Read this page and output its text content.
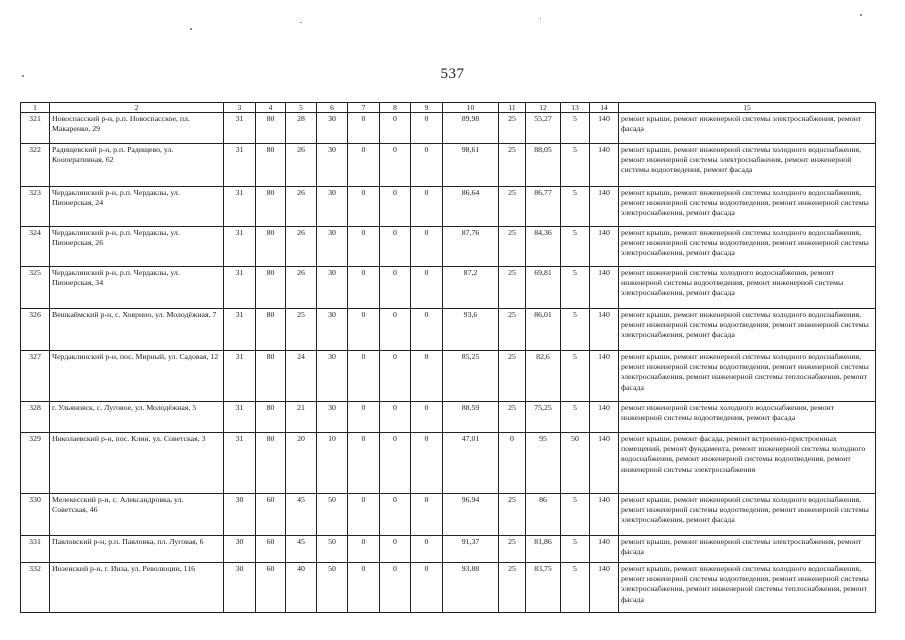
537
1	2	3	4	5	6	7	8	9	10	11	12	13	14	15
321	Новоспасский р-н, р.п. Новоспасское, пл. Макаренко, 29	31	80	28	30	0	0	0	89,98	25	55,27	5	140	ремонт крыши, ремонт инженерной системы электроснабжения, ремонт фасада
322	Радищевский р-н, р.п. Радищево, ул. Кооперативная, 62	31	80	26	30	0	0	0	98,61	25	88,05	5	140	ремонт крыши, ремонт инженерной системы холодного водоснабжения, ремонт инженерной системы электроснабжения, ремонт инженерной системы водоотведения, ремонт фасада
323	Чердаклинский р-н, р.п. Чердаклы, ул. Пионерская, 24	31	80	26	30	0	0	0	86,64	25	86,77	5	140	ремонт крыши, ремонт инженерной системы холодного водоснабжения, ремонт инженерной системы водоотведения, ремонт инженерной системы электроснабжения, ремонт фасада
324	Чердаклинский р-н, р.п. Чердаклы, ул. Пионерская, 26	31	80	26	30	0	0	0	87,76	25	84,36	5	140	ремонт крыши, ремонт инженерной системы холодного водоснабжения, ремонт инженерной системы водоотведения, ремонт инженерной системы электроснабжения, ремонт фасада
325	Чердаклинский р-н, р.п. Чердаклы, ул. Пионерская, 34	31	80	26	30	0	0	0	87,2	25	69,81	5	140	ремонт инженерной системы холодного водоснабжения, ремонт инженерной системы водоотведения, ремонт инженерной системы электроснабжения, ремонт фасада
326	Вешкаймский р-н, с. Ховрино, ул. Молодёжная, 7	31	80	25	30	0	0	0	93,6	25	86,01	5	140	ремонт крыши, ремонт инженерной системы холодного водоснабжения, ремонт инженерной системы водоотведения, ремонт инженерной системы электроснабжения, ремонт фасада
327	Чердаклинский р-н, пос. Мирный, ул. Садовая, 12	31	80	24	30	0	0	0	85,25	25	82,6	5	140	ремонт крыши, ремонт инженерной системы холодного водоснабжения, ремонт инженерной системы водоотведения, ремонт инженерной системы электроснабжения, ремонт инженерной системы теплоснабжения, ремонт фасада
328	г. Ульяновск, с. Луговое, ул. Молодёжная, 5	31	80	21	30	0	0	0	88,59	25	75,25	5	140	ремонт инженерной системы холодного водоснабжения, ремонт инженерной системы водоотведения, ремонт фасада
329	Николаевский р-н, пос. Клин, ул. Советская, 3	31	80	20	10	0	0	0	47,01	0	95	50	140	ремонт крыши, ремонт фасада, ремонт встроенно-пристроенных помещений, ремонт фундамента, ремонт инженерной системы холодного водоснабжения, ремонт инженерной системы водоотведения, ремонт инженерной системы электроснабжения
330	Мелекесский р-н, с. Александровка, ул. Советская, 46	30	60	45	50	0	0	0	96,94	25	86	5	140	ремонт крыши, ремонт инженерной системы холодного водоснабжения, ремонт инженерной системы водоотведения, ремонт инженерной системы электроснабжения, ремонт фасада
331	Павловский р-н, р.п. Павловка, пл. Луговая, 6	30	60	45	50	0	0	0	91,37	25	81,86	5	140	ремонт крыши, ремонт инженерной системы электроснабжения, ремонт фасада
332	Инзенский р-н, г. Инза, ул. Революции, 116	30	60	40	50	0	0	0	93,88	25	83,75	5	140	ремонт крыши, ремонт инженерной системы холодного водоснабжения, ремонт инженерной системы водоотведения, ремонт инженерной системы электроснабжения, ремонт инженерной системы теплоснабжения, ремонт фасада
